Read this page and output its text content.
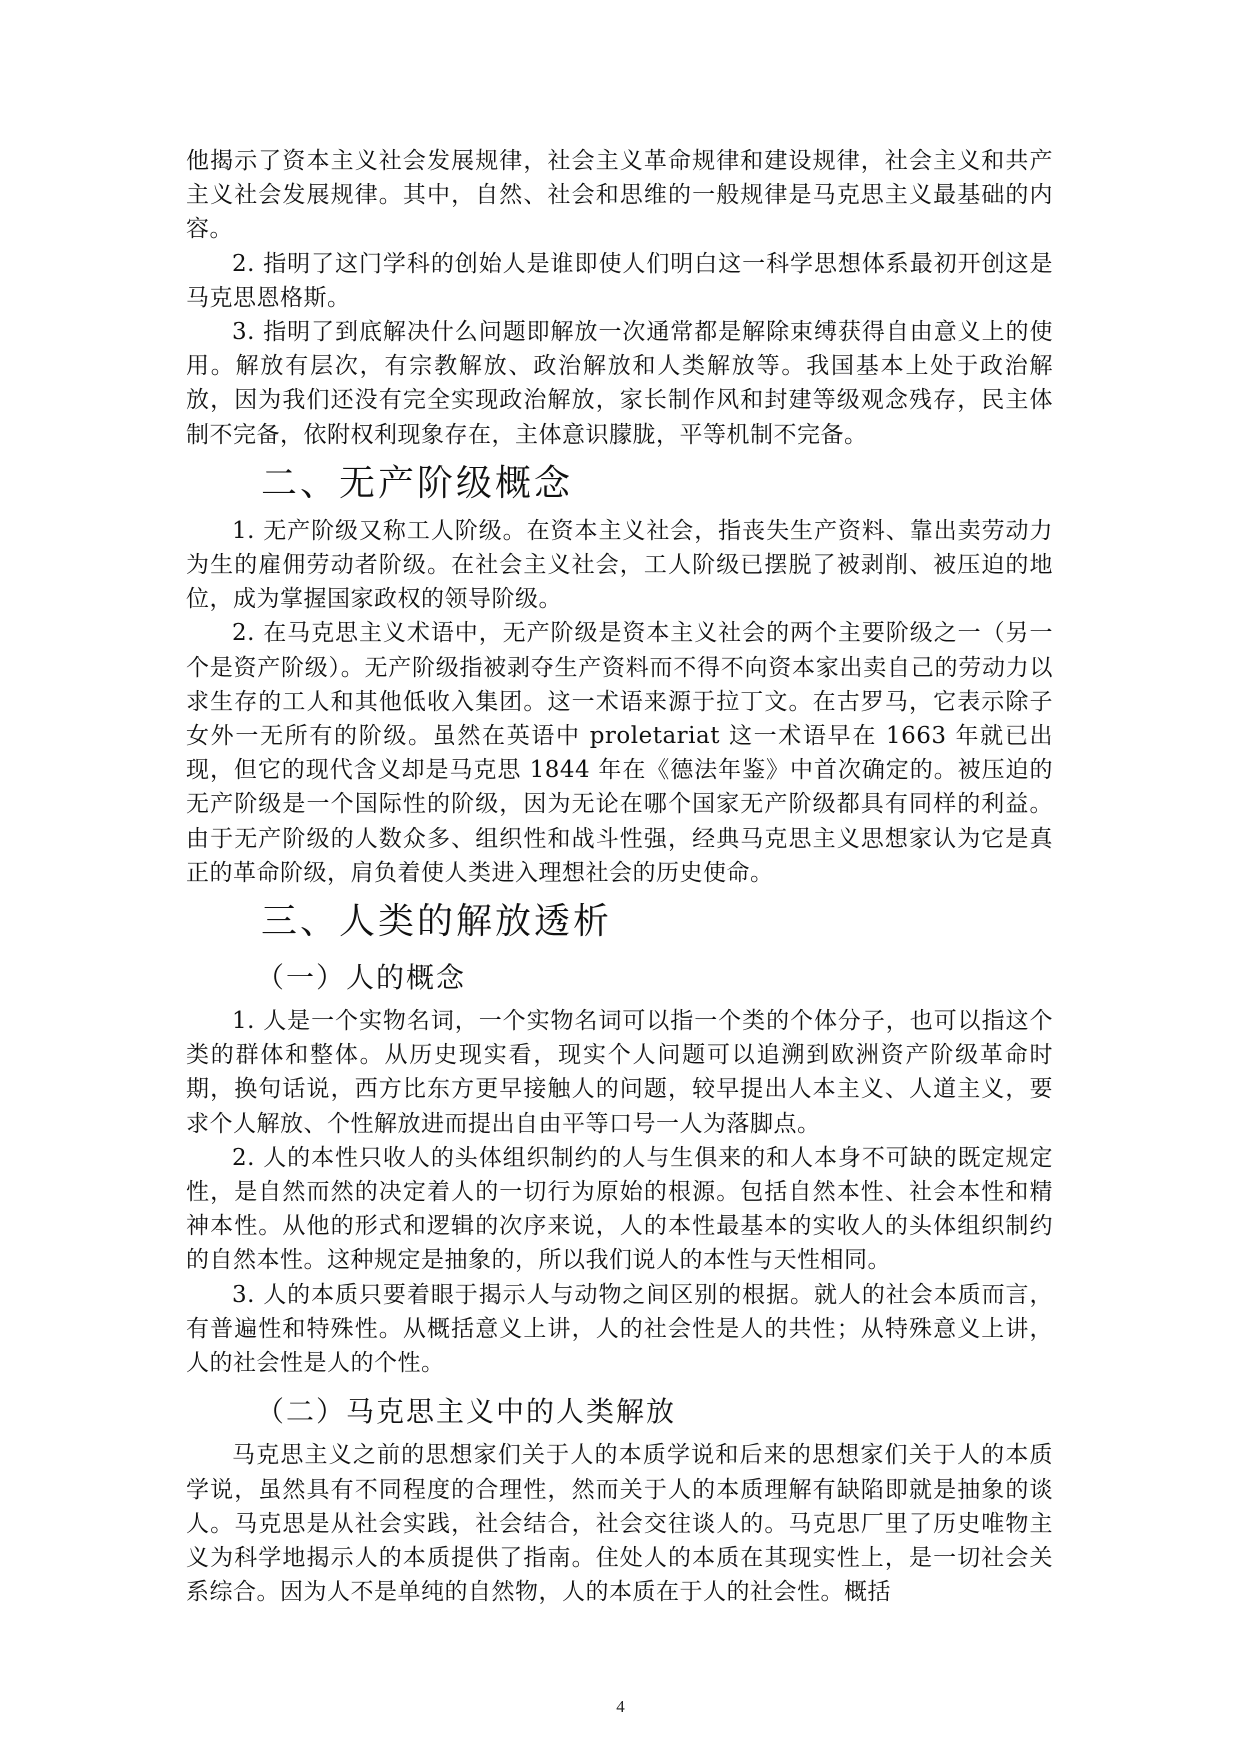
他揭示了资本主义社会发展规律，社会主义革命规律和建设规律，社会主义和共产主义社会发展规律。其中，自然、社会和思维的一般规律是马克思主义最基础的内容。

2. 指明了这门学科的创始人是谁即使人们明白这一科学思想体系最初开创这是马克思恩格斯。

3. 指明了到底解决什么问题即解放一次通常都是解除束缚获得自由意义上的使用。解放有层次，有宗教解放、政治解放和人类解放等。我国基本上处于政治解放，因为我们还没有完全实现政治解放，家长制作风和封建等级观念残存，民主体制不完备，依附权利现象存在，主体意识朦胧，平等机制不完备。

二、无产阶级概念

1. 无产阶级又称工人阶级。在资本主义社会，指丧失生产资料、靠出卖劳动力为生的雇佣劳动者阶级。在社会主义社会，工人阶级已摆脱了被剥削、被压迫的地位，成为掌握国家政权的领导阶级。

2. 在马克思主义术语中，无产阶级是资本主义社会的两个主要阶级之一（另一个是资产阶级）。无产阶级指被剥夺生产资料而不得不向资本家出卖自己的劳动力以求生存的工人和其他低收入集团。这一术语来源于拉丁文。在古罗马，它表示除子女外一无所有的阶级。虽然在英语中 proletariat 这一术语早在 1663 年就已出现，但它的现代含义却是马克思 1844 年在《德法年鉴》中首次确定的。被压迫的无产阶级是一个国际性的阶级，因为无论在哪个国家无产阶级都具有同样的利益。由于无产阶级的人数众多、组织性和战斗性强，经典马克思主义思想家认为它是真正的革命阶级，肩负着使人类进入理想社会的历史使命。

三、人类的解放透析
（一）人的概念

1. 人是一个实物名词，一个实物名词可以指一个类的个体分子，也可以指这个类的群体和整体。从历史现实看，现实个人问题可以追溯到欧洲资产阶级革命时期，换句话说，西方比东方更早接触人的问题，较早提出人本主义、人道主义，要求个人解放、个性解放进而提出自由平等口号一人为落脚点。

2. 人的本性只收人的头体组织制约的人与生俱来的和人本身不可缺的既定规定性，是自然而然的决定着人的一切行为原始的根源。包括自然本性、社会本性和精神本性。从他的形式和逻辑的次序来说，人的本性最基本的实收人的头体组织制约的自然本性。这种规定是抽象的，所以我们说人的本性与天性相同。

3. 人的本质只要着眼于揭示人与动物之间区别的根据。就人的社会本质而言，有普遍性和特殊性。从概括意义上讲，人的社会性是人的共性；从特殊意义上讲，人的社会性是人的个性。

（二）马克思主义中的人类解放

马克思主义之前的思想家们关于人的本质学说和后来的思想家们关于人的本质学说，虽然具有不同程度的合理性，然而关于人的本质理解有缺陷即就是抽象的谈人。马克思是从社会实践，社会结合，社会交往谈人的。马克思厂里了历史唯物主义为科学地揭示人的本质提供了指南。住处人的本质在其现实性上，是一切社会关系综合。因为人不是单纯的自然物，人的本质在于人的社会性。概括

4
